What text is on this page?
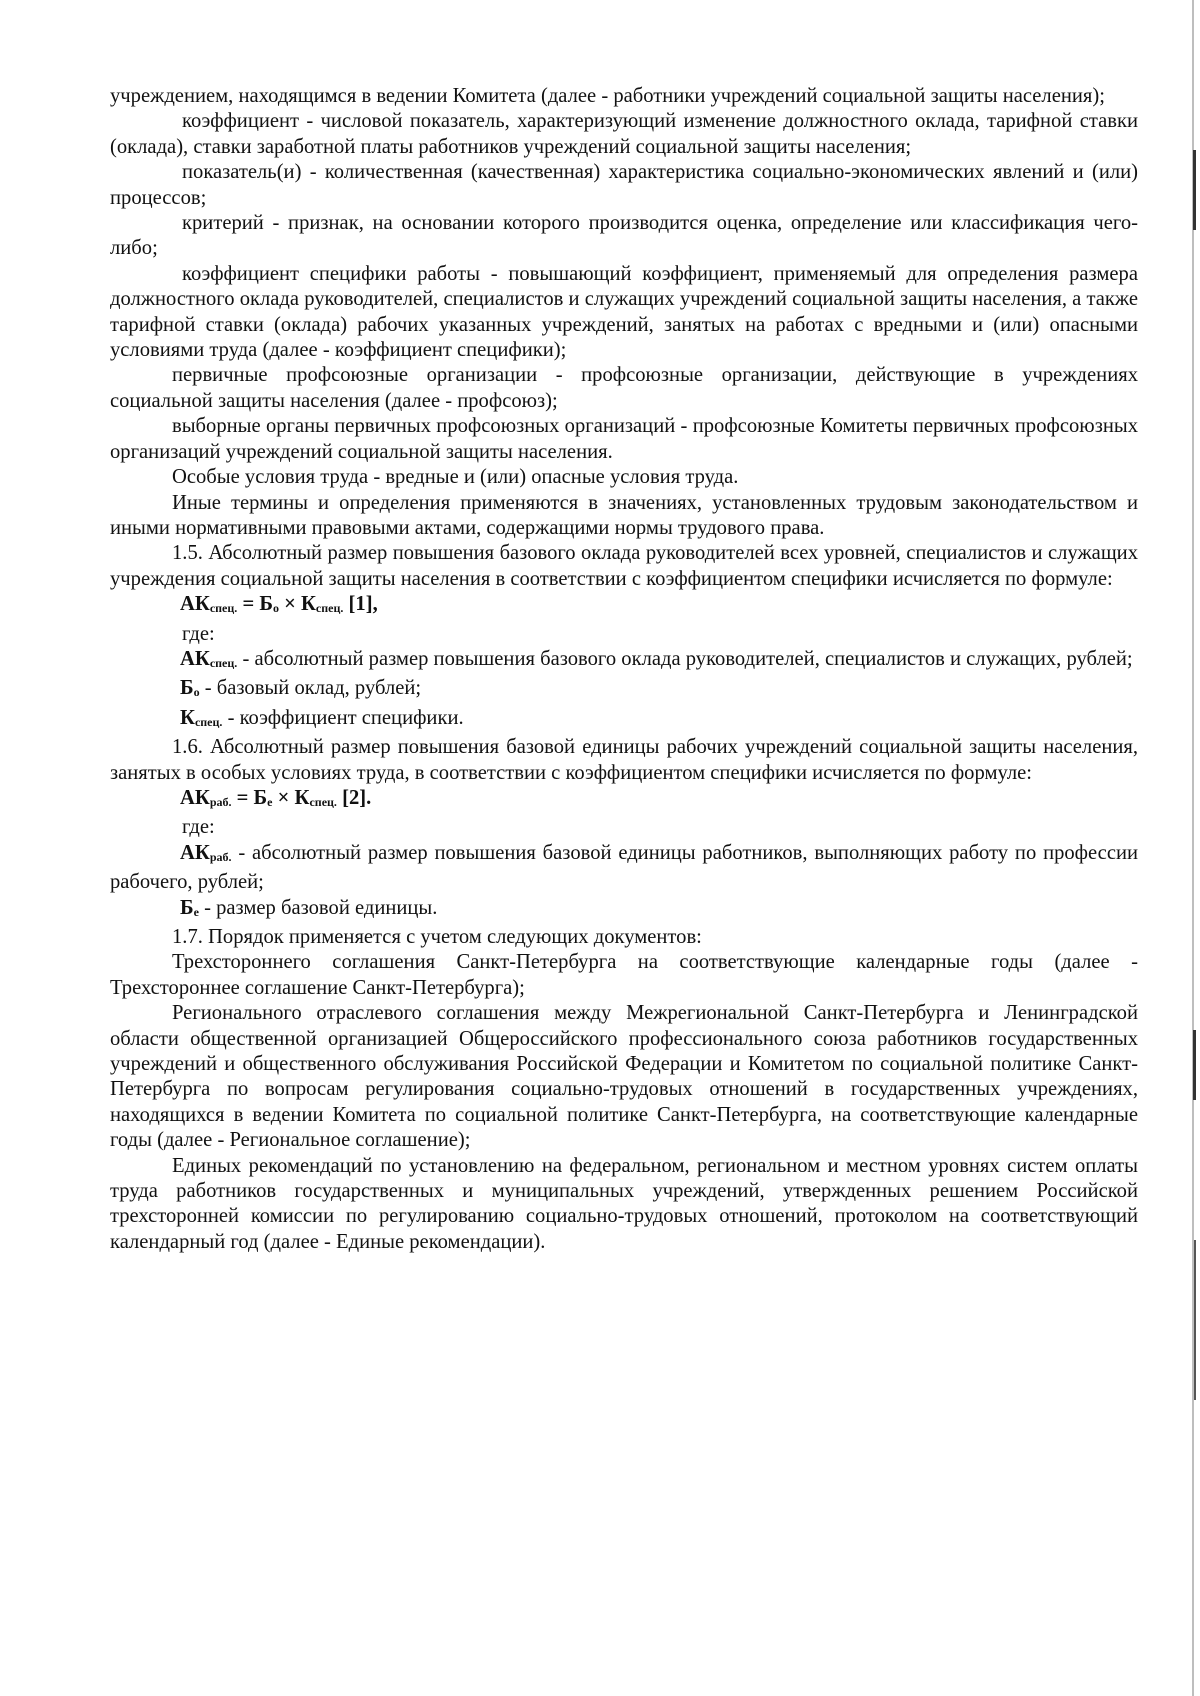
учреждением, находящимся в ведении Комитета (далее - работники учреждений социальной защиты населения);

коэффициент - числовой показатель, характеризующий изменение должностного оклада, тарифной ставки (оклада), ставки заработной платы работников учреждений социальной защиты населения;

показатель(и) - количественная (качественная) характеристика социально-экономических явлений и (или) процессов;

критерий - признак, на основании которого производится оценка, определение или классификация чего-либо;

коэффициент специфики работы - повышающий коэффициент, применяемый для определения размера должностного оклада руководителей, специалистов и служащих учреждений социальной защиты населения, а также тарифной ставки (оклада) рабочих указанных учреждений, занятых на работах с вредными и (или) опасными условиями труда (далее - коэффициент специфики);

первичные профсоюзные организации - профсоюзные организации, действующие в учреждениях социальной защиты населения (далее - профсоюз);

выборные органы первичных профсоюзных организаций - профсоюзные Комитеты первичных профсоюзных организаций учреждений социальной защиты населения.

Особые условия труда - вредные и (или) опасные условия труда.

Иные термины и определения применяются в значениях, установленных трудовым законодательством и иными нормативными правовыми актами, содержащими нормы трудового права.

1.5. Абсолютный размер повышения базового оклада руководителей всех уровней, специалистов и служащих учреждения социальной защиты населения в соответствии с коэффициентом специфики исчисляется по формуле:

$АК_{спец.} = Б_о \times К_{спец.}$ [1],

где:

$АК_{спец.}$ - абсолютный размер повышения базового оклада руководителей, специалистов и служащих, рублей;

$Б_о$ - базовый оклад, рублей;

$К_{спец.}$ - коэффициент специфики.

1.6. Абсолютный размер повышения базовой единицы рабочих учреждений социальной защиты населения, занятых в особых условиях труда, в соответствии с коэффициентом специфики исчисляется по формуле:

$АК_{раб.} = Б_е \times К_{спец.}$ [2].

где:

$АК_{раб.}$ - абсолютный размер повышения базовой единицы работников, выполняющих работу по профессии рабочего, рублей;

$Б_е$ - размер базовой единицы.

1.7. Порядок применяется с учетом следующих документов:

Трехстороннего соглашения Санкт-Петербурга на соответствующие календарные годы (далее - Трехстороннее соглашение Санкт-Петербурга);

Регионального отраслевого соглашения между Межрегиональной Санкт-Петербурга и Ленинградской области общественной организацией Общероссийского профессионального союза работников государственных учреждений и общественного обслуживания Российской Федерации и Комитетом по социальной политике Санкт-Петербурга по вопросам регулирования социально-трудовых отношений в государственных учреждениях, находящихся в ведении Комитета по социальной политике Санкт-Петербурга, на соответствующие календарные годы (далее - Региональное соглашение);

Единых рекомендаций по установлению на федеральном, региональном и местном уровнях систем оплаты труда работников государственных и муниципальных учреждений, утвержденных решением Российской трехсторонней комиссии по регулированию социально-трудовых отношений, протоколом на соответствующий календарный год (далее - Единые рекомендации).
